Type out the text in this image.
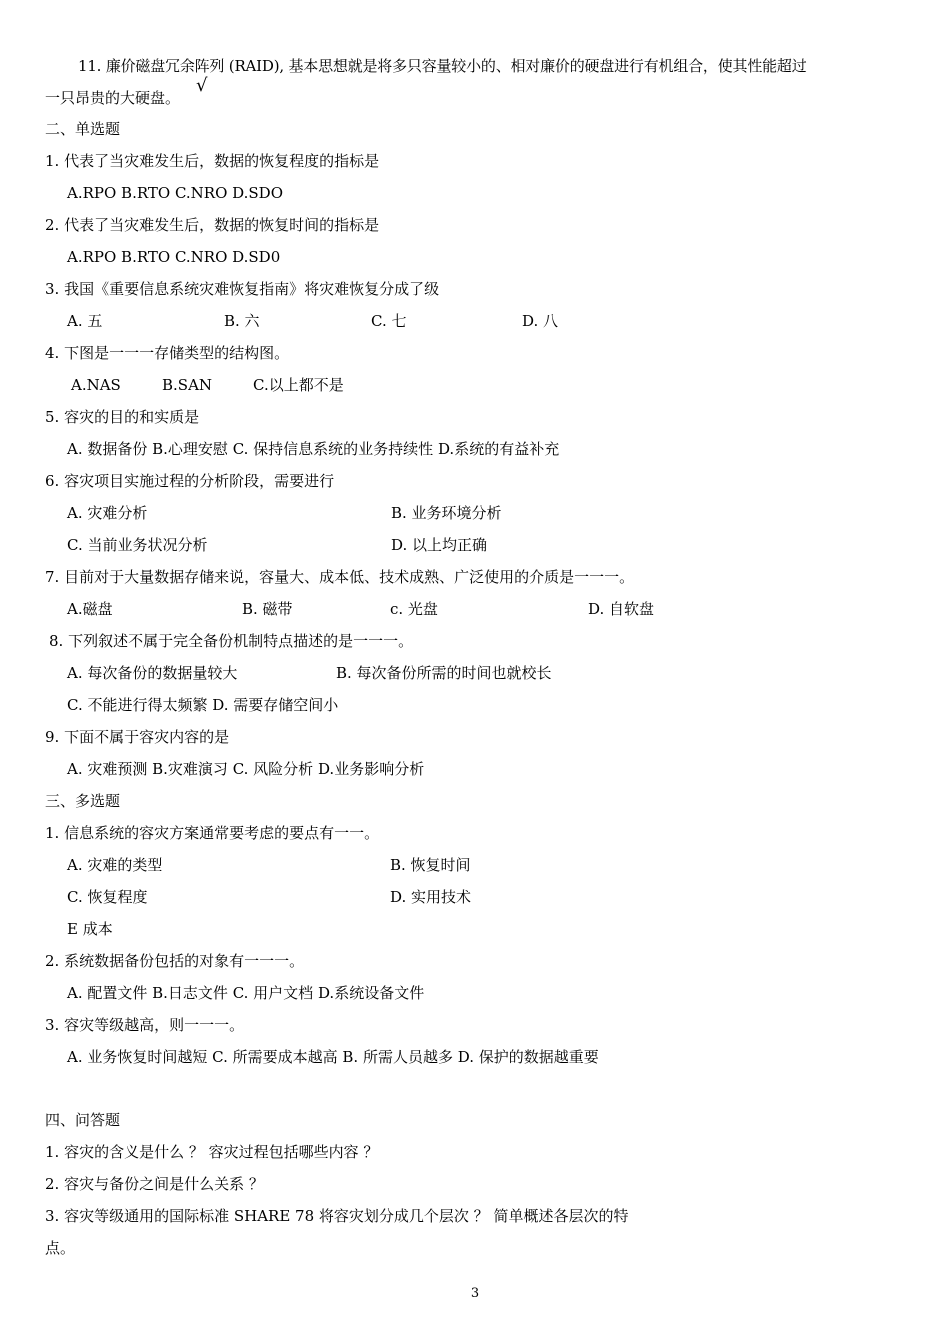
11. 廉价磁盘冗余阵列 (RAID), 基本思想就是将多只容量较小的、相对廉价的硬盘进行有机组合，使其性能超过
一只昂贵的大硬盘。
√
二、单选题
1. 代表了当灾难发生后，数据的恢复程度的指标是
A.RPO B.RTO C.NRO D.SDO
2. 代表了当灾难发生后，数据的恢复时间的指标是
A.RPO B.RTO C.NRO D.SD0
3. 我国《重要信息系统灾难恢复指南》将灾难恢复分成了级
A. 五	B. 六	C. 七	D. 八
4. 下图是一一一存储类型的结构图。
A.NAS	B.SAN	C.以上都不是
5. 容灾的目的和实质是
A. 数据备份 B.心理安慰 C. 保持信息系统的业务持续性 D.系统的有益补充
6. 容灾项目实施过程的分析阶段，需要进行
A. 灾难分析	B. 业务环境分析
C. 当前业务状况分析	D. 以上均正确
7. 目前对于大量数据存储来说，容量大、成本低、技术成熟、广泛使用的介质是一一一。
A.磁盘	B. 磁带	c. 光盘	D. 自软盘
8. 下列叙述不属于完全备份机制特点描述的是一一一。
A. 每次备份的数据量较大	B. 每次备份所需的时间也就校长
C. 不能进行得太频繁 D. 需要存储空间小
9. 下面不属于容灾内容的是
A. 灾难预测 B.灾难演习 C. 风险分析 D.业务影响分析
三、多选题
1. 信息系统的容灾方案通常要考虑的要点有一一。
A. 灾难的类型	B. 恢复时间
C. 恢复程度	D. 实用技术
E 成本
2. 系统数据备份包括的对象有一一一。
A. 配置文件 B.日志文件 C. 用户文档 D.系统设备文件
3. 容灾等级越高，则一一一。
A. 业务恢复时间越短 C. 所需要成本越高 B. 所需人员越多 D. 保护的数据越重要
四、问答题
1. 容灾的含义是什么 ？ 容灾过程包括哪些内容 ？
2. 容灾与备份之间是什么关系 ？
3. 容灾等级通用的国际标准 SHARE 78 将容灾划分成几个层次 ？ 简单概述各层次的特
点。
3
